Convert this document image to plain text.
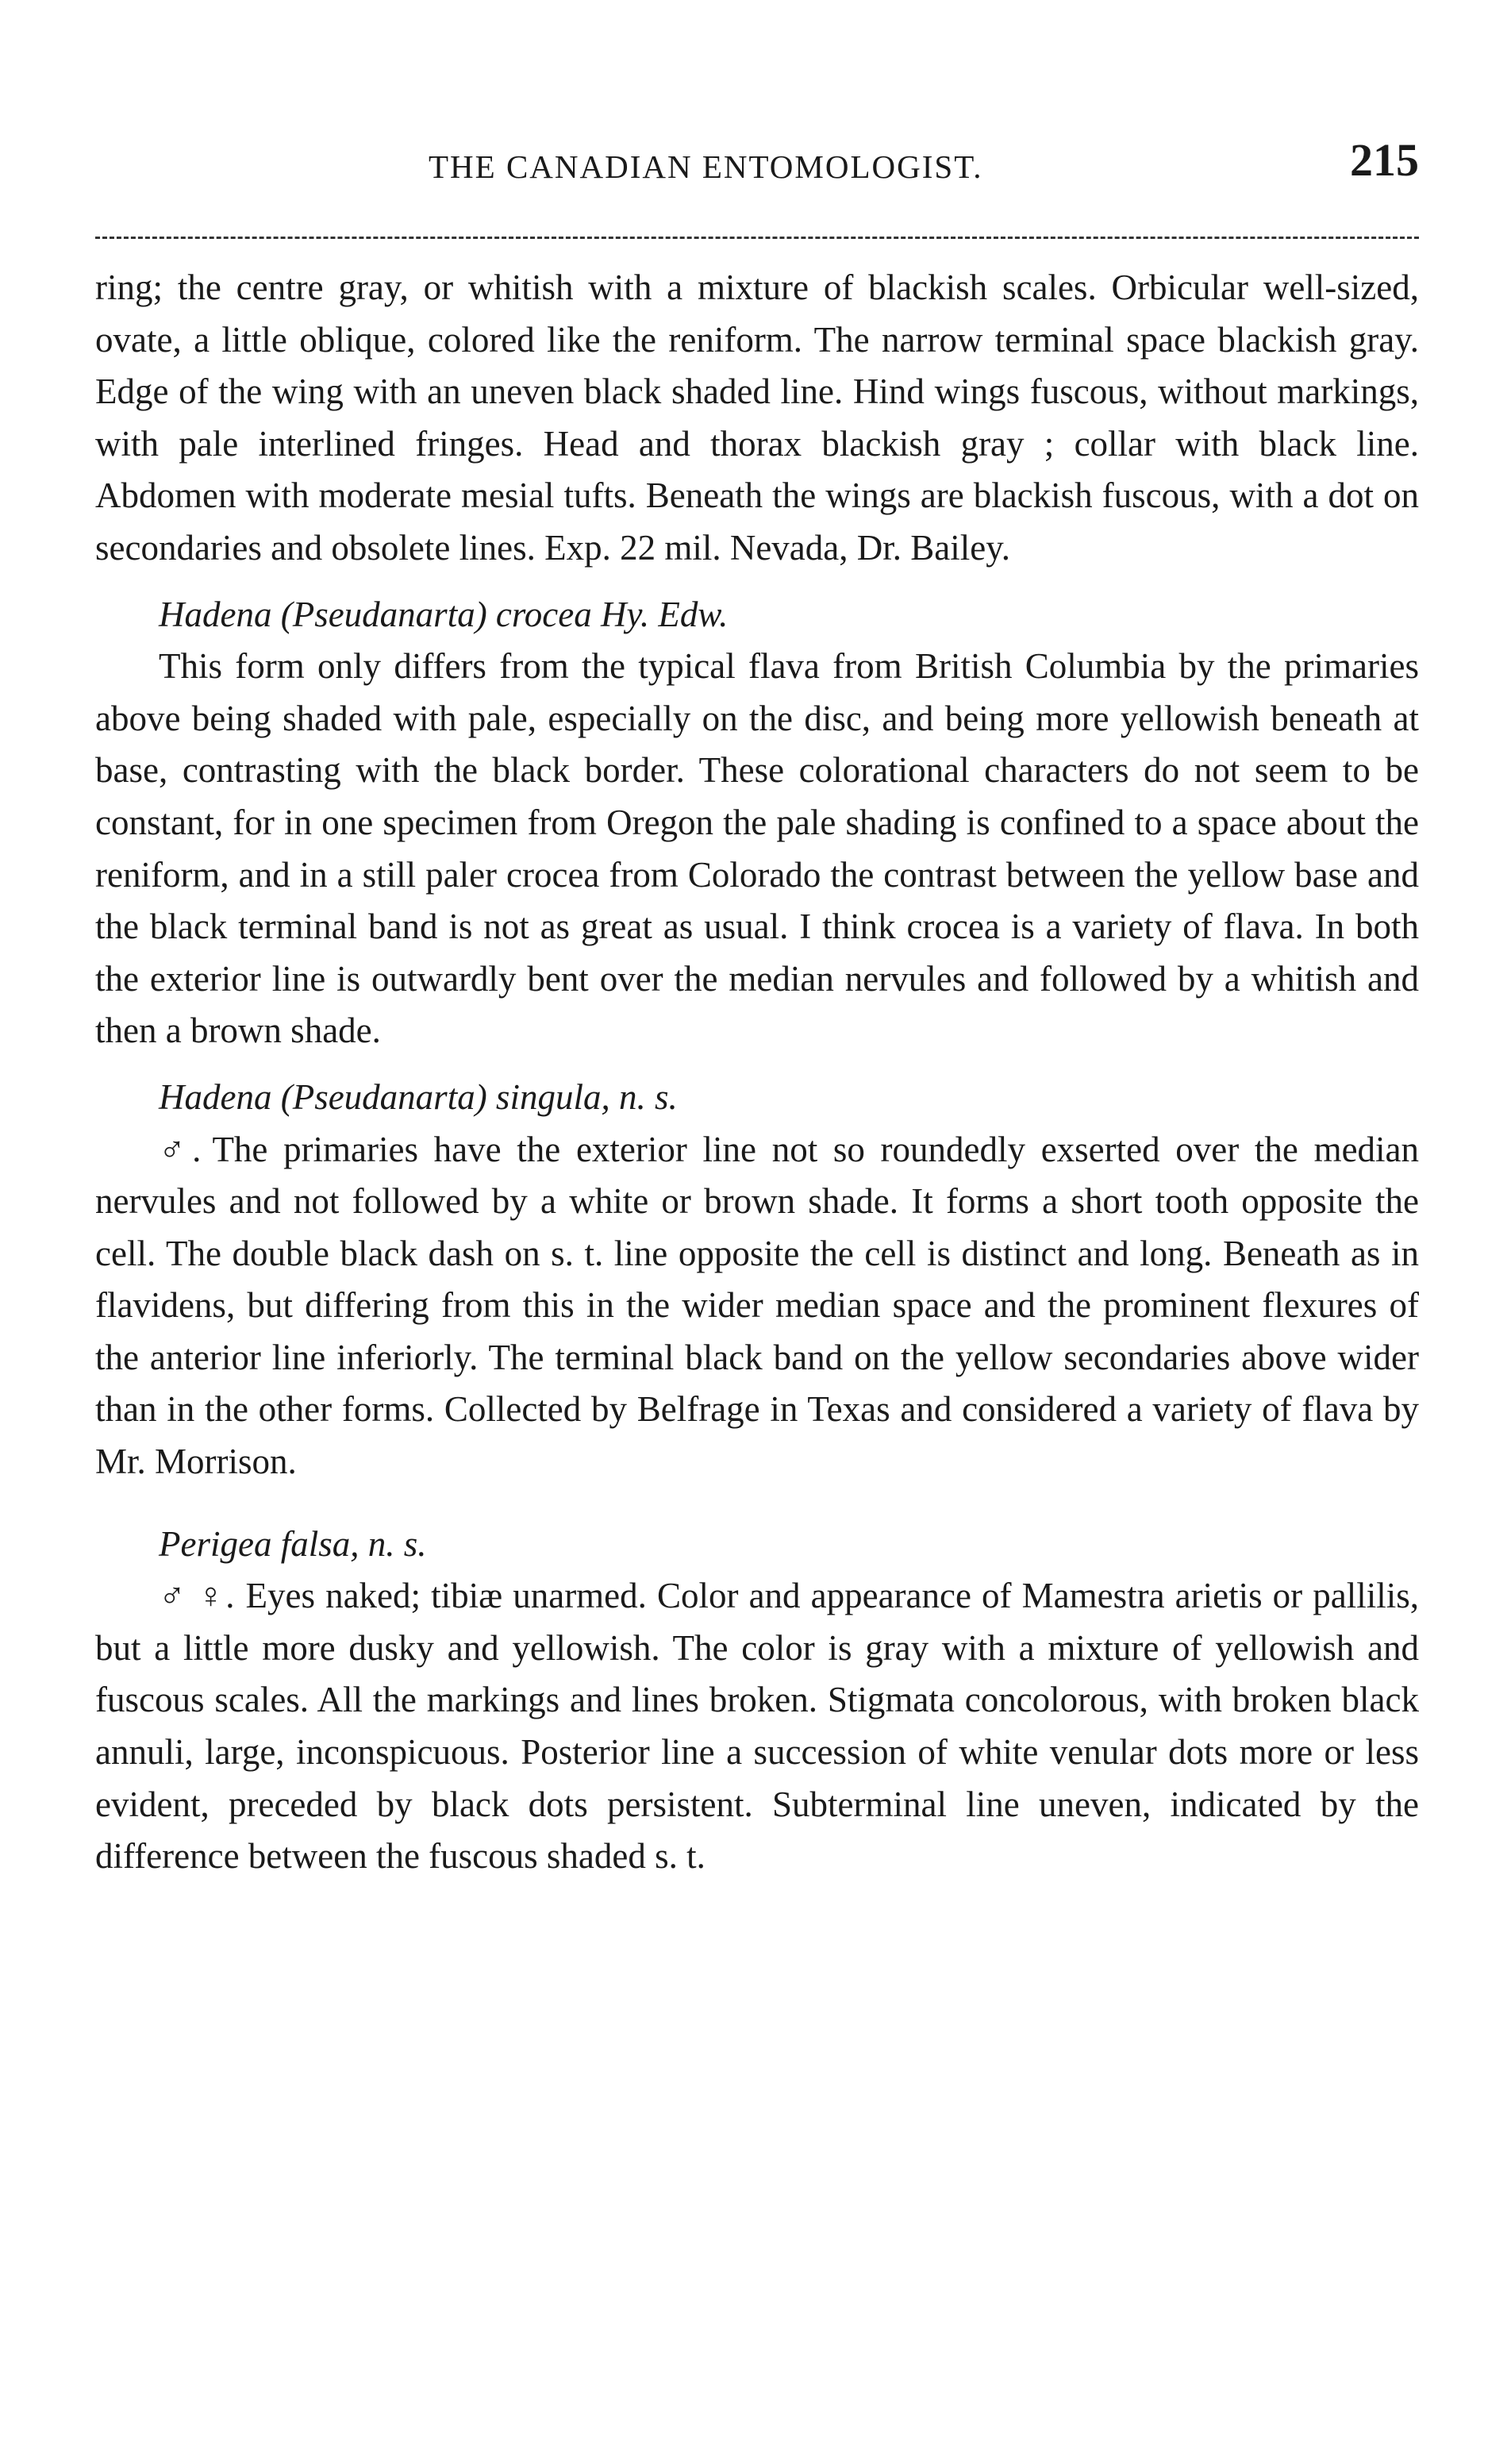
THE CANADIAN ENTOMOLOGIST.	215

ring; the centre gray, or whitish with a mixture of blackish scales. Orbicular well-sized, ovate, a little oblique, colored like the reniform. The narrow terminal space blackish gray. Edge of the wing with an uneven black shaded line. Hind wings fuscous, without markings, with pale interlined fringes. Head and thorax blackish gray ; collar with black line. Abdomen with moderate mesial tufts. Beneath the wings are blackish fuscous, with a dot on secondaries and obsolete lines. Exp. 22 mil. Nevada, Dr. Bailey.

Hadena (Pseudanarta) crocea Hy. Edw.

This form only differs from the typical flava from British Columbia by the primaries above being shaded with pale, especially on the disc, and being more yellowish beneath at base, contrasting with the black border. These colorational characters do not seem to be constant, for in one specimen from Oregon the pale shading is confined to a space about the reniform, and in a still paler crocea from Colorado the contrast between the yellow base and the black terminal band is not as great as usual. I think crocea is a variety of flava. In both the exterior line is outwardly bent over the median nervules and followed by a whitish and then a brown shade.

Hadena (Pseudanarta) singula, n. s.

♂. The primaries have the exterior line not so roundedly exserted over the median nervules and not followed by a white or brown shade. It forms a short tooth opposite the cell. The double black dash on s. t. line opposite the cell is distinct and long. Beneath as in flavidens, but differing from this in the wider median space and the prominent flexures of the anterior line inferiorly. The terminal black band on the yellow secondaries above wider than in the other forms. Collected by Belfrage in Texas and considered a variety of flava by Mr. Morrison.

Perigea falsa, n. s.

♂ ♀. Eyes naked; tibiæ unarmed. Color and appearance of Mamestra arietis or pallilis, but a little more dusky and yellowish. The color is gray with a mixture of yellowish and fuscous scales. All the markings and lines broken. Stigmata concolorous, with broken black annuli, large, inconspicuous. Posterior line a succession of white venular dots more or less evident, preceded by black dots persistent. Subterminal line uneven, indicated by the difference between the fuscous shaded s. t.
